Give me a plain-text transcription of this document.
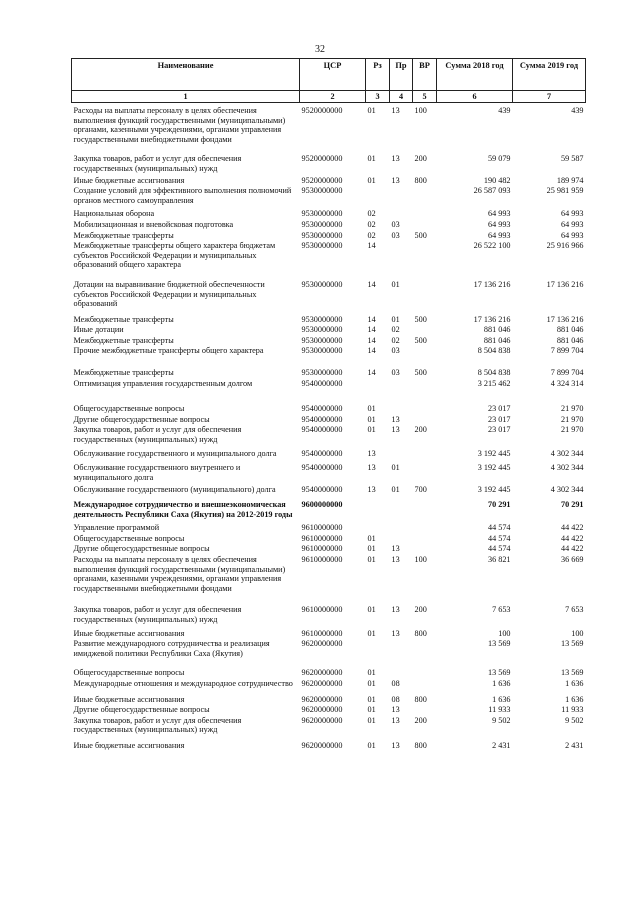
32
Наименование	ЦСР	Рз	Пр	ВР	Сумма 2018 год	Сумма 2019 год
1	2	3	4	5	6	7
Расходы на выплаты персоналу в целях обеспечения выполнения функций государственными (муниципальными) органами, казенными учреждениями, органами управления государственными внебюджетными фондами	9520000000	01	13	100	439	439
Закупка товаров, работ и услуг для обеспечения государственных (муниципальных) нужд	9520000000	01	13	200	59 079	59 587
Иные бюджетные ассигнования	9520000000	01	13	800	190 482	189 974
Создание условий для эффективного выполнения полномочий органов местного самоуправления	9530000000				26 587 093	25 981 959
Национальная оборона	9530000000	02			64 993	64 993
Мобилизационная и вневойсковая подготовка	9530000000	02	03		64 993	64 993
Межбюджетные трансферты	9530000000	02	03	500	64 993	64 993
Межбюджетные трансферты общего характера бюджетам субъектов Российской Федерации и муниципальных образований общего характера	9530000000	14			26 522 100	25 916 966
Дотации на выравнивание бюджетной обеспеченности субъектов Российской Федерации и муниципальных образований	9530000000	14	01		17 136 216	17 136 216
Межбюджетные трансферты	9530000000	14	01	500	17 136 216	17 136 216
Иные дотации	9530000000	14	02		881 046	881 046
Межбюджетные трансферты	9530000000	14	02	500	881 046	881 046
Прочие межбюджетные трансферты общего характера	9530000000	14	03		8 504 838	7 899 704
Межбюджетные трансферты	9530000000	14	03	500	8 504 838	7 899 704
Оптимизация управления государственным долгом	9540000000				3 215 462	4 324 314
Общегосударственные вопросы	9540000000	01			23 017	21 970
Другие общегосударственные вопросы	9540000000	01	13		23 017	21 970
Закупка товаров, работ и услуг для обеспечения государственных (муниципальных) нужд	9540000000	01	13	200	23 017	21 970
Обслуживание государственного и муниципального долга	9540000000	13			3 192 445	4 302 344
Обслуживание государственного внутреннего и муниципального долга	9540000000	13	01		3 192 445	4 302 344
Обслуживание государственного (муниципального) долга	9540000000	13	01	700	3 192 445	4 302 344
Международное сотрудничество и внешнеэкономическая деятельность Республики Саха (Якутия) на 2012-2019 годы	9600000000				70 291	70 291
Управление программой	9610000000				44 574	44 422
Общегосударственные вопросы	9610000000	01			44 574	44 422
Другие общегосударственные вопросы	9610000000	01	13		44 574	44 422
Расходы на выплаты персоналу в целях обеспечения выполнения функций государственными (муниципальными) органами, казенными учреждениями, органами управления государственными внебюджетными фондами	9610000000	01	13	100	36 821	36 669
Закупка товаров, работ и услуг для обеспечения государственных (муниципальных) нужд	9610000000	01	13	200	7 653	7 653
Иные бюджетные ассигнования	9610000000	01	13	800	100	100
Развитие международного сотрудничества и реализация имиджевой политики Республики Саха (Якутия)	9620000000				13 569	13 569
Общегосударственные вопросы	9620000000	01			13 569	13 569
Международные отношения и международное сотрудничество	9620000000	01	08		1 636	1 636
Иные бюджетные ассигнования	9620000000	01	08	800	1 636	1 636
Другие общегосударственные вопросы	9620000000	01	13		11 933	11 933
Закупка товаров, работ и услуг для обеспечения государственных (муниципальных) нужд	9620000000	01	13	200	9 502	9 502
Иные бюджетные ассигнования	9620000000	01	13	800	2 431	2 431
